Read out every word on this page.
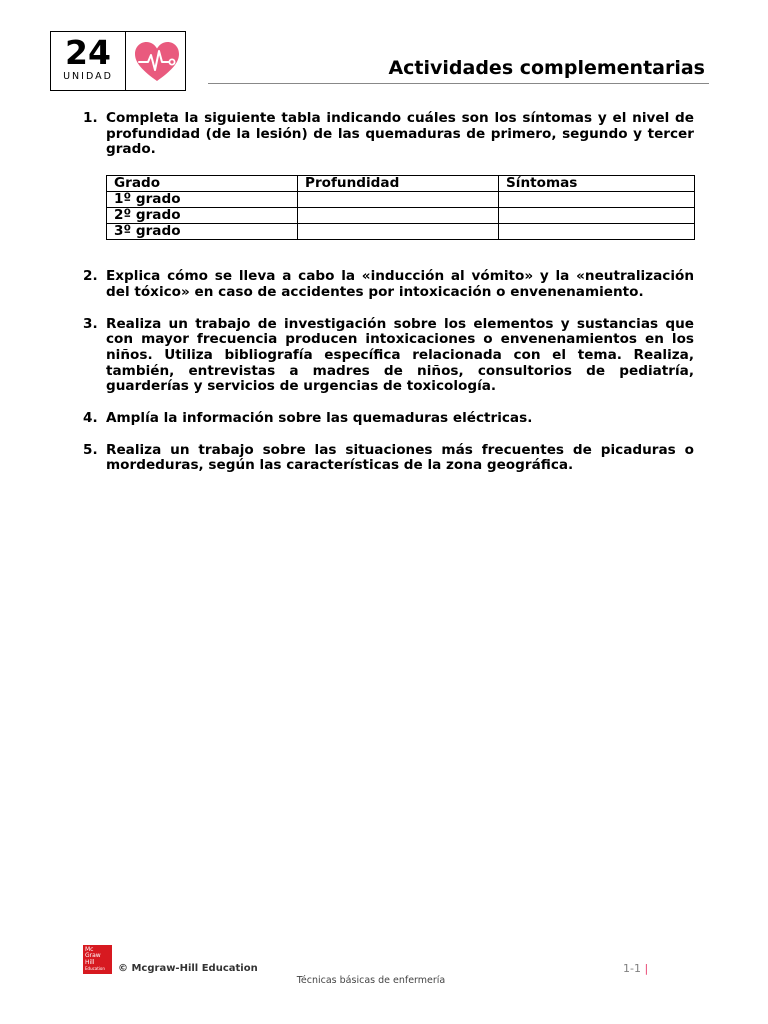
24
UNIDAD	Actividades complementarias
1. Completa la siguiente tabla indicando cuáles son los síntomas y el nivel de profundidad (de la lesión) de las quemaduras de primero, segundo y tercer grado.
Grado	Profundidad	Síntomas
1º grado		
2º grado		
3º grado		
2. Explica cómo se lleva a cabo la «inducción al vómito» y la «neutralización del tóxico» en caso de accidentes por intoxicación o envenenamiento.
3. Realiza un trabajo de investigación sobre los elementos y sustancias que con mayor frecuencia producen intoxicaciones o envenenamientos en los niños. Utiliza bibliografía específica relacionada con el tema. Realiza, también, entrevistas a madres de niños, consultorios de pediatría, guarderías y servicios de urgencias de toxicología.
4. Amplía la información sobre las quemaduras eléctricas.
5. Realiza un trabajo sobre las situaciones más frecuentes de picaduras o mordeduras, según las características de la zona geográfica.
Mc
Graw
Hill
Education	© Mcgraw-Hill Education
Técnicas básicas de enfermería
1-1 |
